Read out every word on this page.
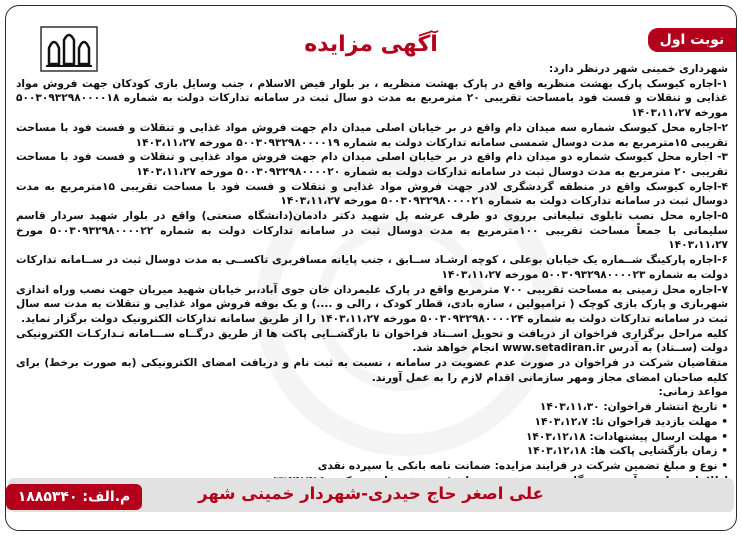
نوبت اول
آگهی مزایده

شهرداری خمینی شهر درنظر دارد:

۱-اجاره کیوسک پارک بهشت منظریه واقع در پارک بهشت منظریه ، بر بلوار فیض الاسلام ، جنب وسایل بازی کودکان جهت فروش مواد غذایی و تنقلات و فست فود بامساحت تقریبی ۲۰ مترمربع به مدت دو سال ثبت در سامانه تدارکات دولت به شماره ۵۰۰۳۰۹۳۲۹۸۰۰۰۰۱۸ مورخه ۱۴۰۳،۱۱،۲۷

۲-اجاره محل کیوسک شماره سه میدان دام واقع در بر خیابان اصلی میدان دام جهت فروش مواد غذایی و تنقلات و فست فود با مساحت تقریبی ۱۵مترمربع به مدت دوسال شمسی سامانه تدارکات دولت به شماره ۵۰۰۳۰۹۳۲۹۸۰۰۰۰۱۹ مورخه ۱۴۰۳،۱۱،۲۷

۳- اجاره محل کیوسک شماره دو میدان دام واقع در بر خیابان اصلی میدان دام جهت فروش مواد غذایی و تنقلات و فست فود با مساحت تقریبی ۲۰ مترمربع به مدت دوسال ثبت در سامانه تدارکات دولت به شماره ۵۰۰۳۰۹۳۲۹۸۰۰۰۰۲۰ مورخه ۱۴۰۳،۱۱،۲۷

۴-اجاره کیوسک واقع در منطقه گردشگری لادر جهت فروش مواد غذایی و تنقلات و فست فود با مساحت تقریبی ۱۵مترمربع به مدت دوسال ثبت در سامانه تدارکات دولت به شماره ۵۰۰۳۰۹۳۲۹۸۰۰۰۰۲۱ مورخه ۱۴۰۳،۱۱،۲۷

۵-اجاره محل نصب تابلوی تبلیغاتی برروی دو طرف عرشه پل شهید دکتر دادمان(دانشگاه صنعتی) واقع در بلوار شهید سردار قاسم سلیمانی با جمعاً مساحت تقریبی ۱۰۰مترمربع به مدت دوسال ثبت در سامانه تدارکات دولت به شماره ۵۰۰۳۰۹۳۲۹۸۰۰۰۰۲۲ مورخ ۱۴۰۳،۱۱،۲۷

۶-اجاره پارکینگ شــماره یک خیابان بوعلی ، کوچه ارشـاد ســابق ، جنب پایانه مسافربری تاکســی به مدت دوسال ثبت در ســامانه تدارکات دولت به شماره ۵۰۰۳۰۹۳۲۹۸۰۰۰۰۲۳ مورخه ۱۴۰۳،۱۱،۲۷

۷-اجاره محل زمینی به مساحت تقریبی ۷۰۰ مترمربع واقع در پارک علیمردان خان جوی آباد،بر خیابان شهید میریان جهت نصب وراه اندازی شهربازی و پارک بازی کوچک ( ترامپولین ، سازه بادی، قطار کودک ، رالی و ....) و یک بوفه فروش مواد غذایی و تنقلات به مدت سه سال ثبت در سامانه تدارکات دولت به شماره ۵۰۰۳۰۹۳۲۹۸۰۰۰۰۲۴ مورخه ۱۴۰۳،۱۱،۲۷ را از طریق سامانه تدارکات الکترونیک دولت برگزار نماید.

کلیه مراحل برگزاری فراخوان از دریافت و تحویل اســناد فراخوان تا بازگشــایی پاکت ها از طریق درگــاه ســـامانه تـدارکـات الکترونیکی دولت (ســتاد) به آدرس www.setadiran.ir انجام خواهد شد.

متقاضیان شرکت در فراخوان در صورت عدم عضویت در سامانه ، نسبت به ثبت نام و دریافت امضای الکترونیکی (به صورت برخط) برای کلیه صاحبان امضای مجاز ومهر سازمانی اقدام لازم را به عمل آورند.

مواعد زمانی:

• تاریخ انتشار فراخوان: ۱۴۰۳،۱۱،۳۰

• مهلت بازدید فراخوان تا: ۱۴۰۳،۱۲،۷

• مهلت ارسال پیشنهادات: ۱۴۰۳،۱۲،۱۸

• زمان بازگشایی پاکت ها: ۱۴۰۳،۱۲،۱۸

• نوع و مبلغ تضمین شرکت در فرایند مزایده: ضمانت نامه بانکی یا سپرده نقدی

علی اصغر حاج حیدری-شهردار خمینی شهر
م.الف: ۱۸۸۵۳۴۰
